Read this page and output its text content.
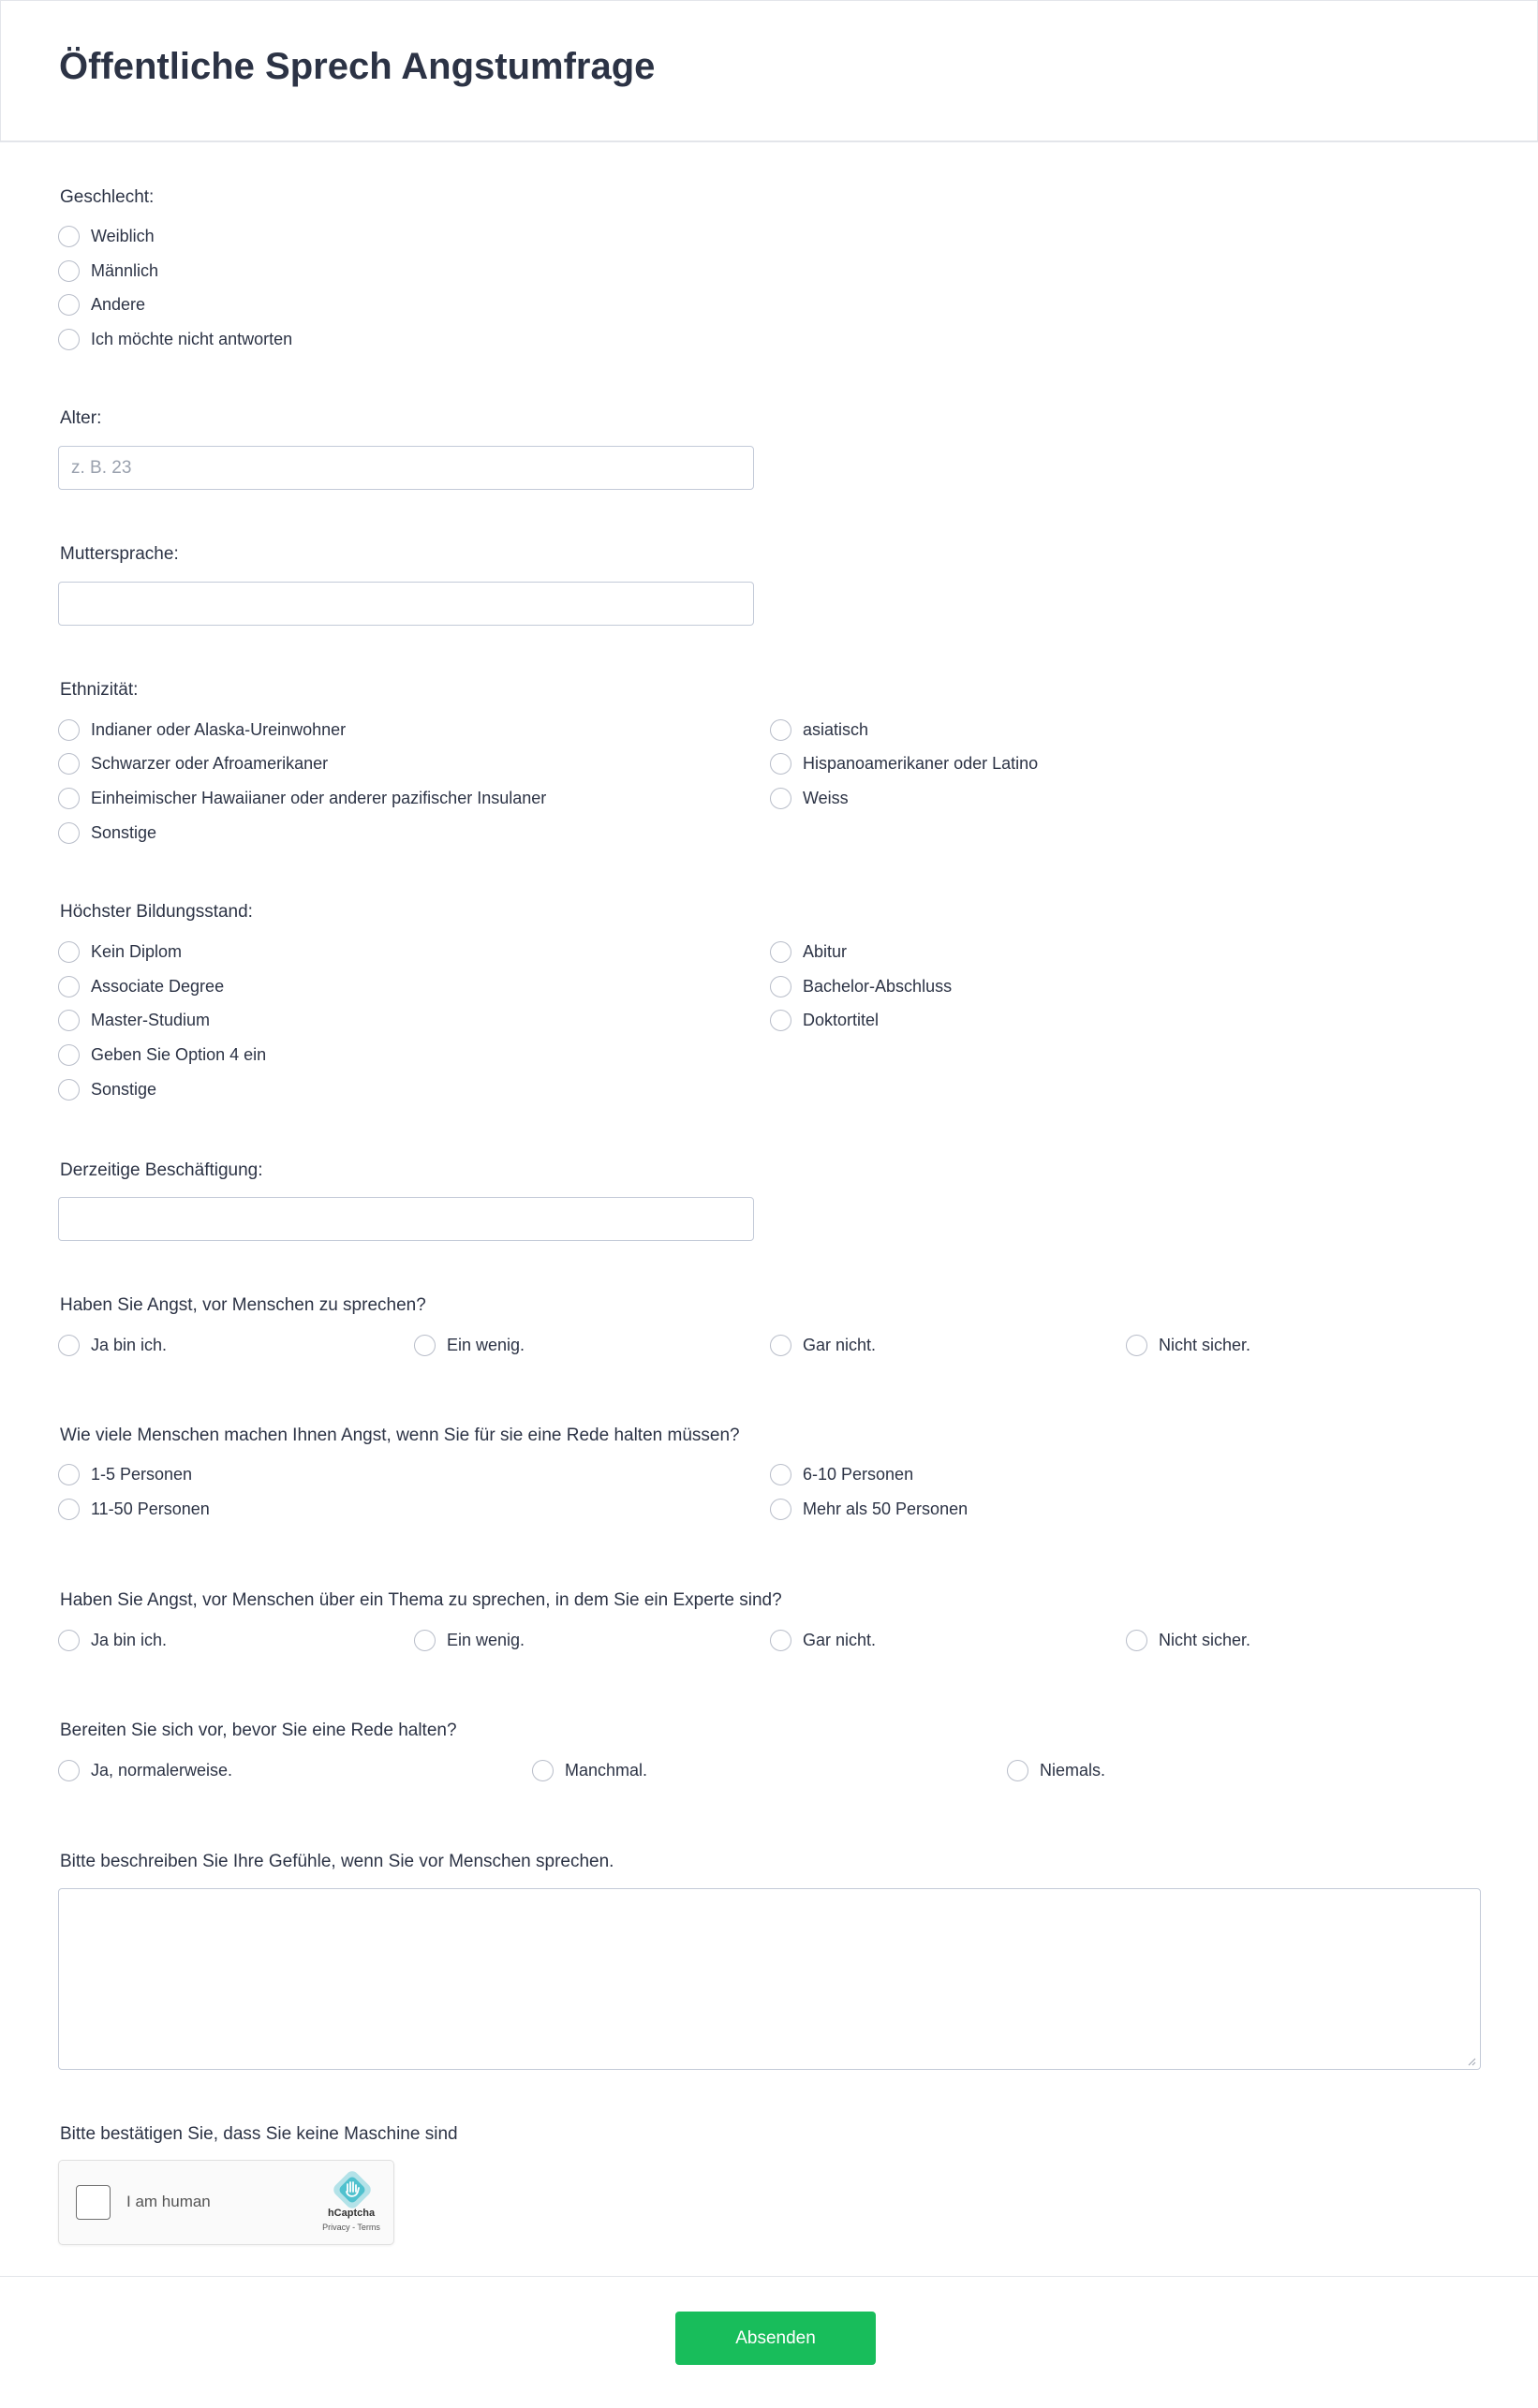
Öffentliche Sprech Angstumfrage
Geschlecht:
Weiblich
Männlich
Andere
Ich möchte nicht antworten
Alter:
z. B. 23
Muttersprache:
Ethnizität:
Indianer oder Alaska-Ureinwohner	asiatisch
Schwarzer oder Afroamerikaner	Hispanoamerikaner oder Latino
Einheimischer Hawaiianer oder anderer pazifischer Insulaner	Weiss
Sonstige
Höchster Bildungsstand:
Kein Diplom	Abitur
Associate Degree	Bachelor-Abschluss
Master-Studium	Doktortitel
Geben Sie Option 4 ein
Sonstige
Derzeitige Beschäftigung:
Haben Sie Angst, vor Menschen zu sprechen?
Ja bin ich.	Ein wenig.	Gar nicht.	Nicht sicher.
Wie viele Menschen machen Ihnen Angst, wenn Sie für sie eine Rede halten müssen?
1-5 Personen	6-10 Personen
11-50 Personen	Mehr als 50 Personen
Haben Sie Angst, vor Menschen über ein Thema zu sprechen, in dem Sie ein Experte sind?
Ja bin ich.	Ein wenig.	Gar nicht.	Nicht sicher.
Bereiten Sie sich vor, bevor Sie eine Rede halten?
Ja, normalerweise.	Manchmal.	Niemals.
Bitte beschreiben Sie Ihre Gefühle, wenn Sie vor Menschen sprechen.
Bitte bestätigen Sie, dass Sie keine Maschine sind
I am human
hCaptcha
Privacy - Terms
Absenden
